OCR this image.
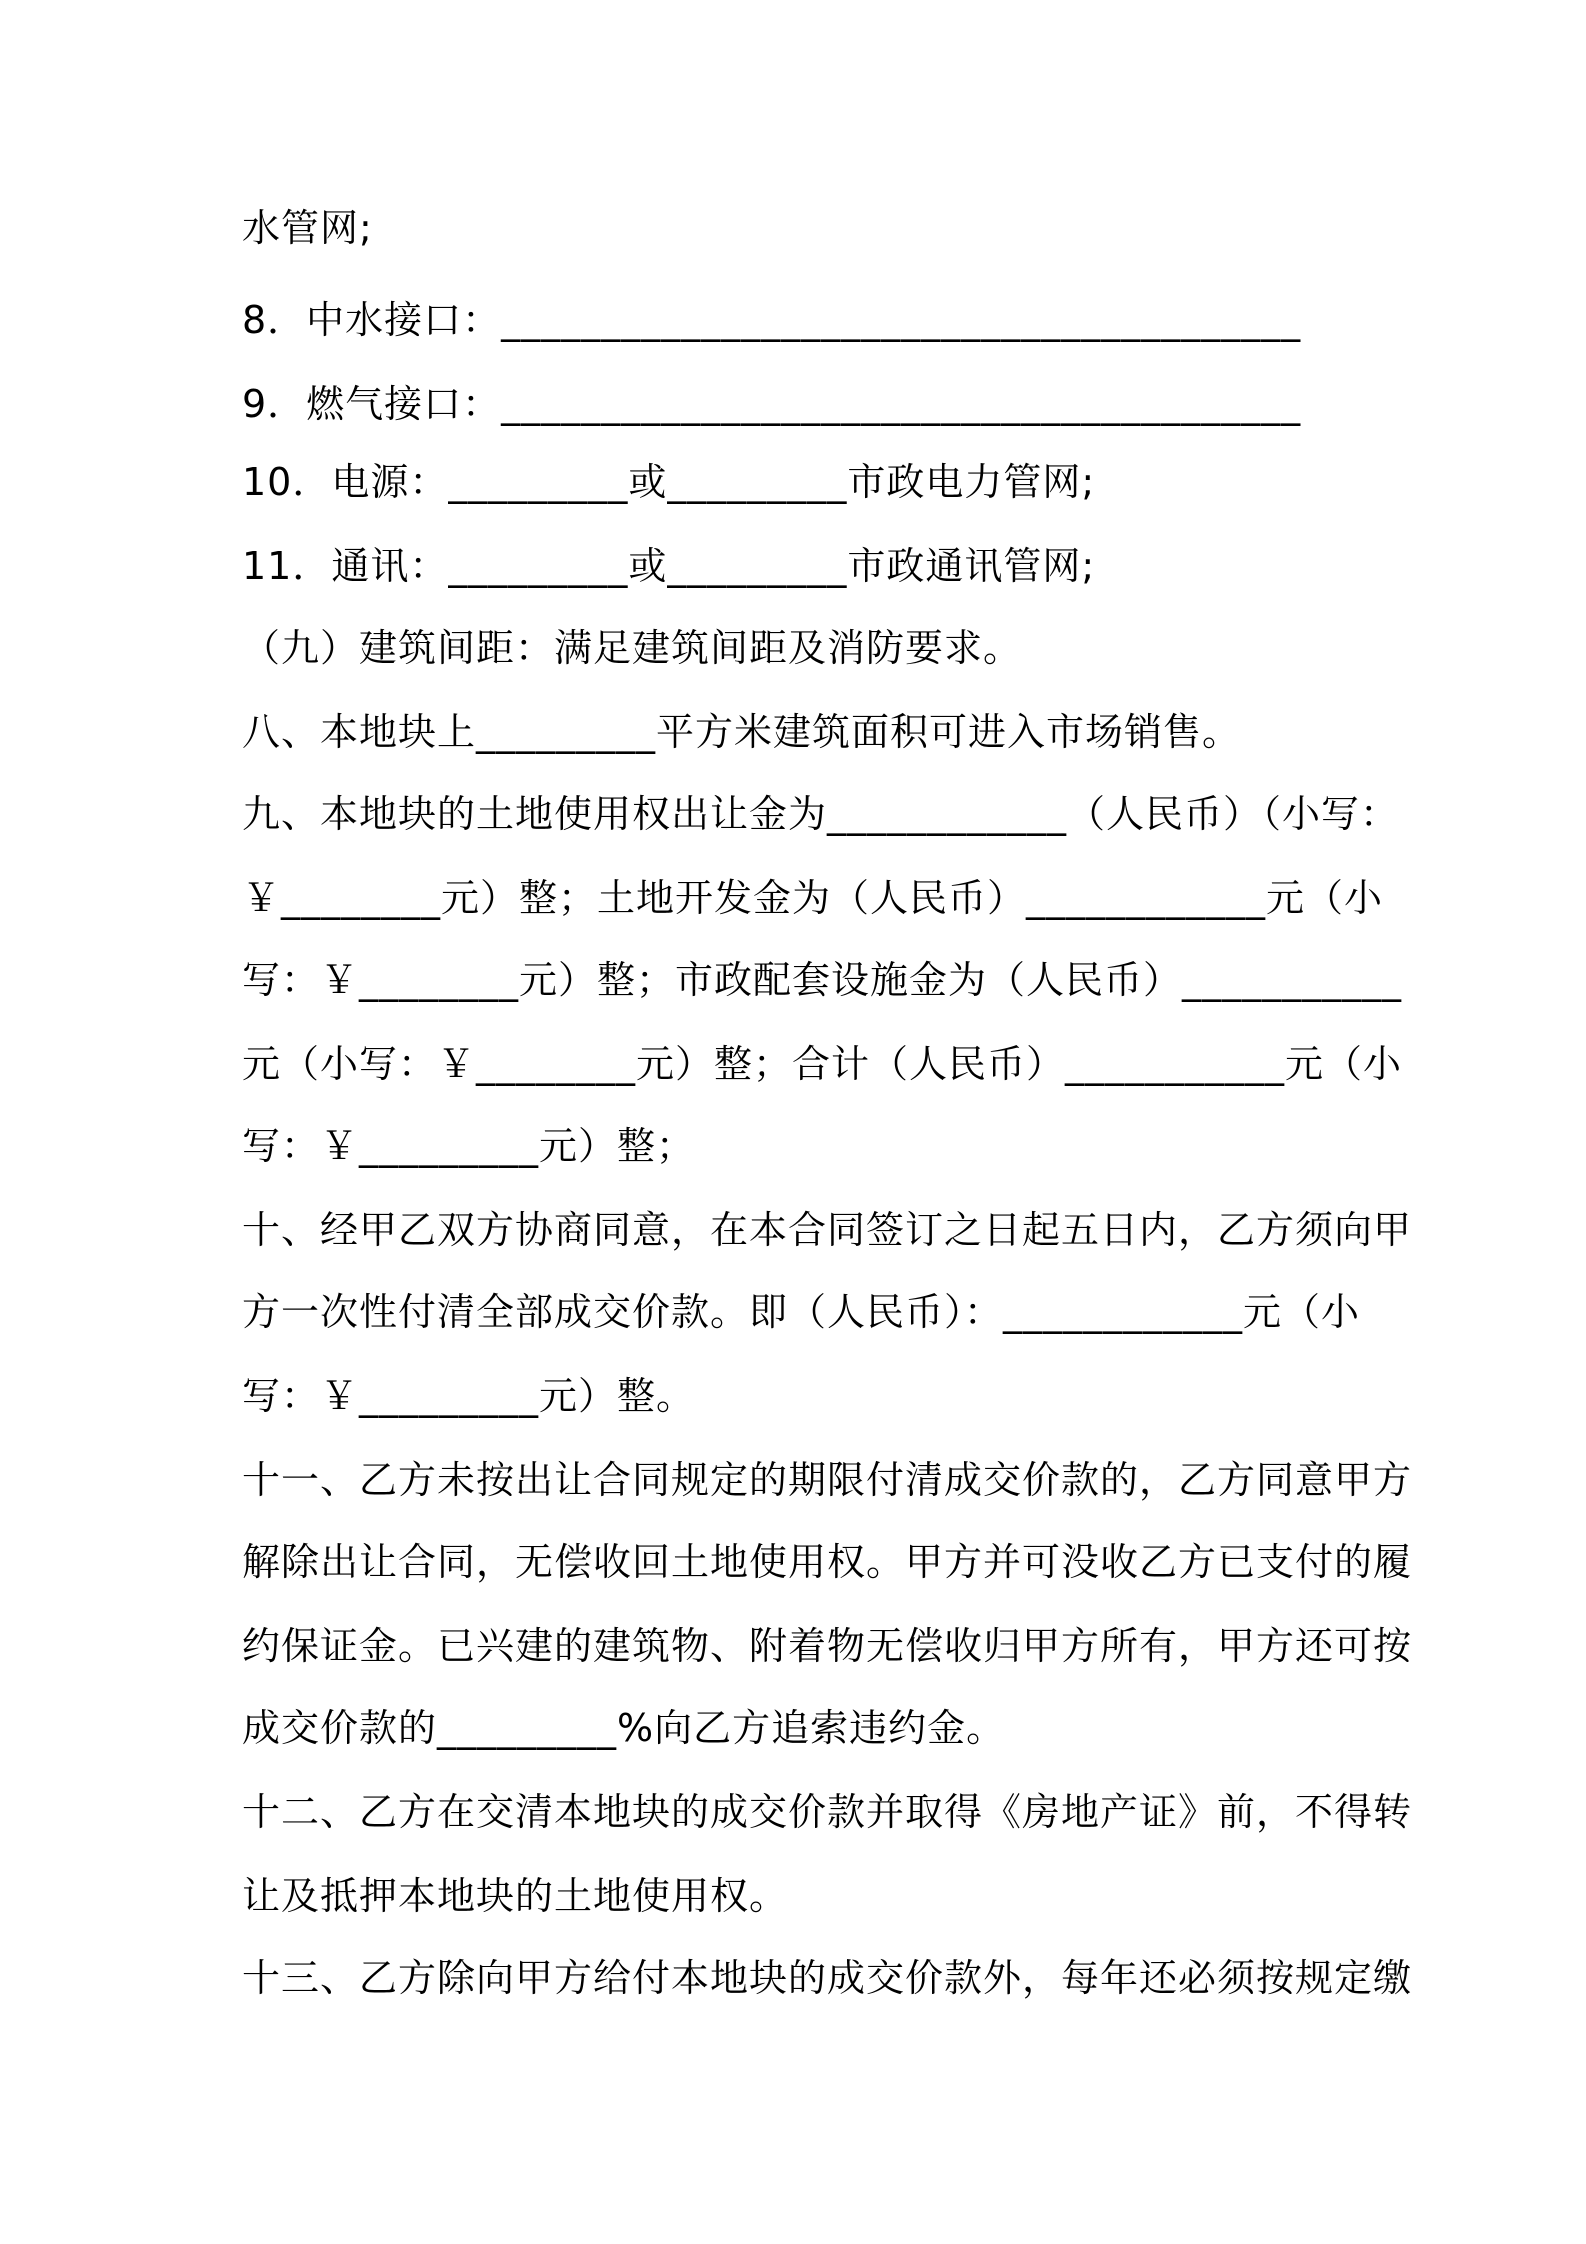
水管网;
8．中水接口：________________________________________
9．燃气接口：________________________________________
10．电源：_________或_________市政电力管网;
11．通讯：_________或_________市政通讯管网;
（九）建筑间距：满足建筑间距及消防要求。
八、本地块上_________平方米建筑面积可进入市场销售。
九、本地块的土地使用权出让金为____________（人民币）（小写：
￥________元）整；土地开发金为（人民币）____________元（小
写：￥________元）整；市政配套设施金为（人民币）___________
元（小写：￥________元）整；合计（人民币）___________元（小
写：￥_________元）整；
十、经甲乙双方协商同意，在本合同签订之日起五日内，乙方须向甲
方一次性付清全部成交价款。即（人民币）：____________元（小
写：￥_________元）整。
十一、乙方未按出让合同规定的期限付清成交价款的，乙方同意甲方
解除出让合同，无偿收回土地使用权。甲方并可没收乙方已支付的履
约保证金。已兴建的建筑物、附着物无偿收归甲方所有，甲方还可按
成交价款的_________%向乙方追索违约金。
十二、乙方在交清本地块的成交价款并取得《房地产证》前，不得转
让及抵押本地块的土地使用权。
十三、乙方除向甲方给付本地块的成交价款外，每年还必须按规定缴
